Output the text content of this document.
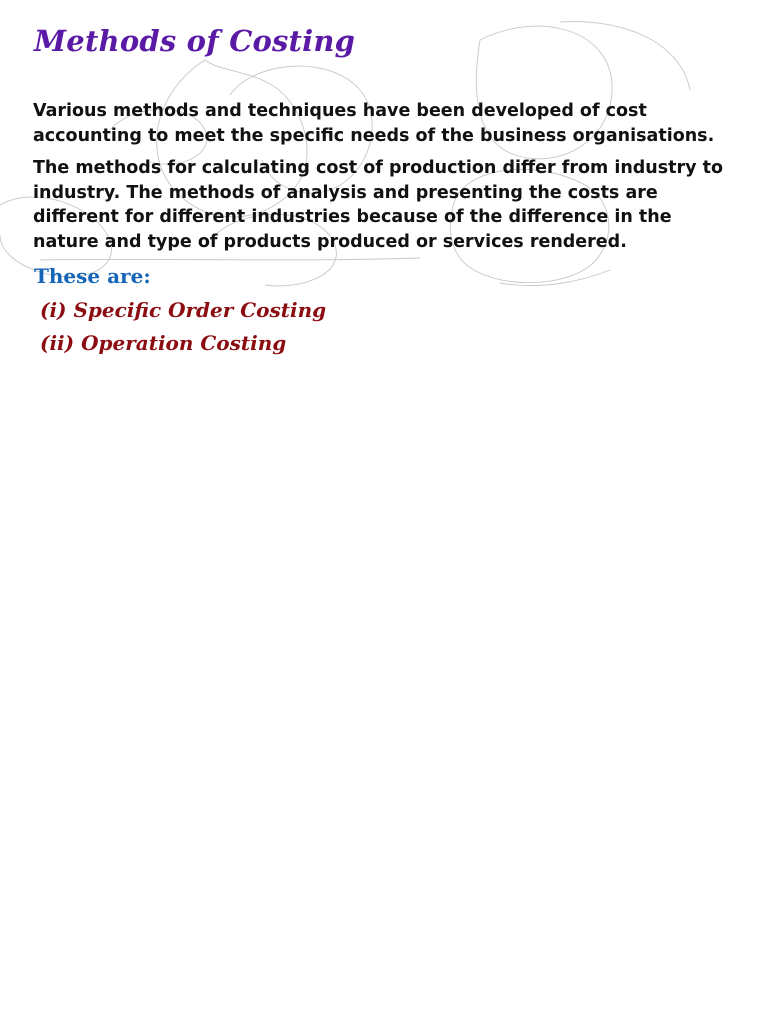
Methods of Costing

Various methods and techniques have been developed of cost accounting to meet the specific needs of the business organisations.

The methods for calculating cost of production differ from industry to industry. The methods of analysis and presenting the costs are different for different industries because of the difference in the nature and type of products produced or services rendered.

These are:
(i) Specific Order Costing
(ii) Operation Costing
